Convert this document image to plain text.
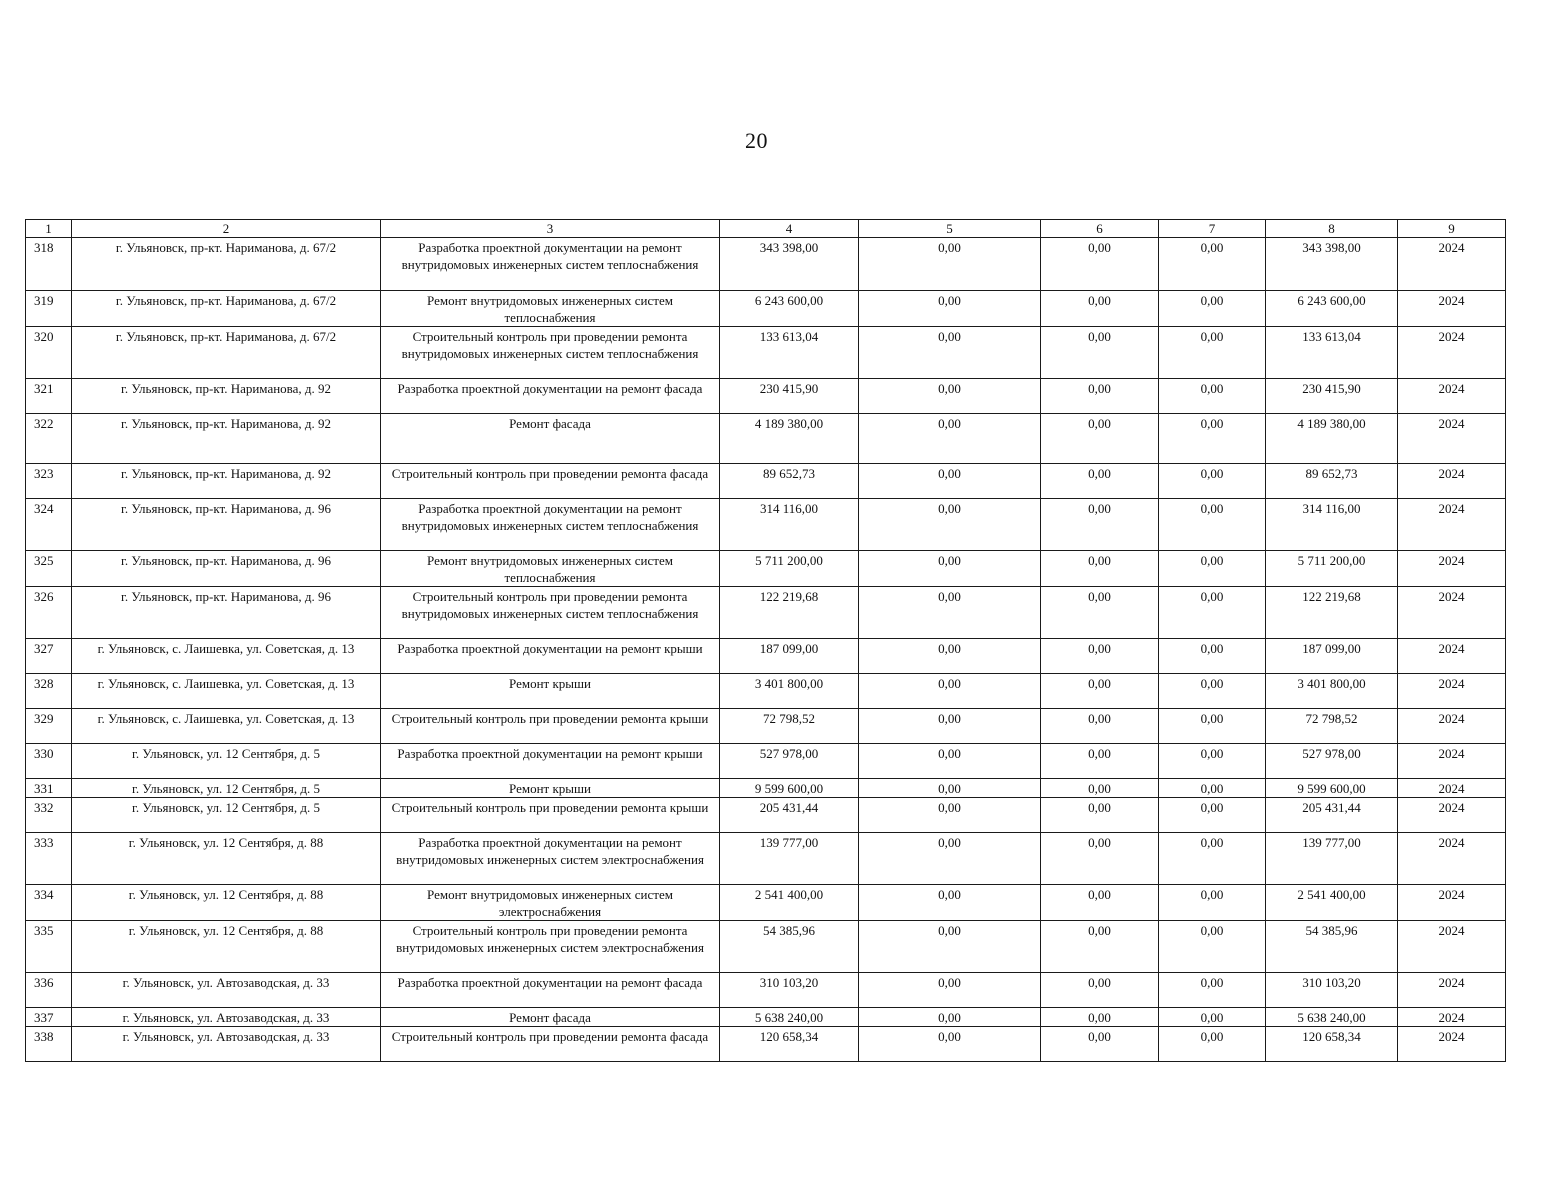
20
1	2	3	4	5	6	7	8	9
318	г. Ульяновск, пр-кт. Нариманова, д. 67/2	Разработка проектной документации на ремонт внутридомовых инженерных систем теплоснабжения	343 398,00	0,00	0,00	0,00	343 398,00	2024
319	г. Ульяновск, пр-кт. Нариманова, д. 67/2	Ремонт внутридомовых инженерных систем теплоснабжения	6 243 600,00	0,00	0,00	0,00	6 243 600,00	2024
320	г. Ульяновск, пр-кт. Нариманова, д. 67/2	Строительный контроль при проведении ремонта внутридомовых инженерных систем теплоснабжения	133 613,04	0,00	0,00	0,00	133 613,04	2024
321	г. Ульяновск, пр-кт. Нариманова, д. 92	Разработка проектной документации на ремонт фасада	230 415,90	0,00	0,00	0,00	230 415,90	2024
322	г. Ульяновск, пр-кт. Нариманова, д. 92	Ремонт фасада	4 189 380,00	0,00	0,00	0,00	4 189 380,00	2024
323	г. Ульяновск, пр-кт. Нариманова, д. 92	Строительный контроль при проведении ремонта фасада	89 652,73	0,00	0,00	0,00	89 652,73	2024
324	г. Ульяновск, пр-кт. Нариманова, д. 96	Разработка проектной документации на ремонт внутридомовых инженерных систем теплоснабжения	314 116,00	0,00	0,00	0,00	314 116,00	2024
325	г. Ульяновск, пр-кт. Нариманова, д. 96	Ремонт внутридомовых инженерных систем теплоснабжения	5 711 200,00	0,00	0,00	0,00	5 711 200,00	2024
326	г. Ульяновск, пр-кт. Нариманова, д. 96	Строительный контроль при проведении ремонта внутридомовых инженерных систем теплоснабжения	122 219,68	0,00	0,00	0,00	122 219,68	2024
327	г. Ульяновск, с. Лаишевка, ул. Советская, д. 13	Разработка проектной документации на ремонт крыши	187 099,00	0,00	0,00	0,00	187 099,00	2024
328	г. Ульяновск, с. Лаишевка, ул. Советская, д. 13	Ремонт крыши	3 401 800,00	0,00	0,00	0,00	3 401 800,00	2024
329	г. Ульяновск, с. Лаишевка, ул. Советская, д. 13	Строительный контроль при проведении ремонта крыши	72 798,52	0,00	0,00	0,00	72 798,52	2024
330	г. Ульяновск, ул. 12 Сентября, д. 5	Разработка проектной документации на ремонт крыши	527 978,00	0,00	0,00	0,00	527 978,00	2024
331	г. Ульяновск, ул. 12 Сентября, д. 5	Ремонт крыши	9 599 600,00	0,00	0,00	0,00	9 599 600,00	2024
332	г. Ульяновск, ул. 12 Сентября, д. 5	Строительный контроль при проведении ремонта крыши	205 431,44	0,00	0,00	0,00	205 431,44	2024
333	г. Ульяновск, ул. 12 Сентября, д. 88	Разработка проектной документации на ремонт внутридомовых инженерных систем электроснабжения	139 777,00	0,00	0,00	0,00	139 777,00	2024
334	г. Ульяновск, ул. 12 Сентября, д. 88	Ремонт внутридомовых инженерных систем электроснабжения	2 541 400,00	0,00	0,00	0,00	2 541 400,00	2024
335	г. Ульяновск, ул. 12 Сентября, д. 88	Строительный контроль при проведении ремонта внутридомовых инженерных систем электроснабжения	54 385,96	0,00	0,00	0,00	54 385,96	2024
336	г. Ульяновск, ул. Автозаводская, д. 33	Разработка проектной документации на ремонт фасада	310 103,20	0,00	0,00	0,00	310 103,20	2024
337	г. Ульяновск, ул. Автозаводская, д. 33	Ремонт фасада	5 638 240,00	0,00	0,00	0,00	5 638 240,00	2024
338	г. Ульяновск, ул. Автозаводская, д. 33	Строительный контроль при проведении ремонта фасада	120 658,34	0,00	0,00	0,00	120 658,34	2024
